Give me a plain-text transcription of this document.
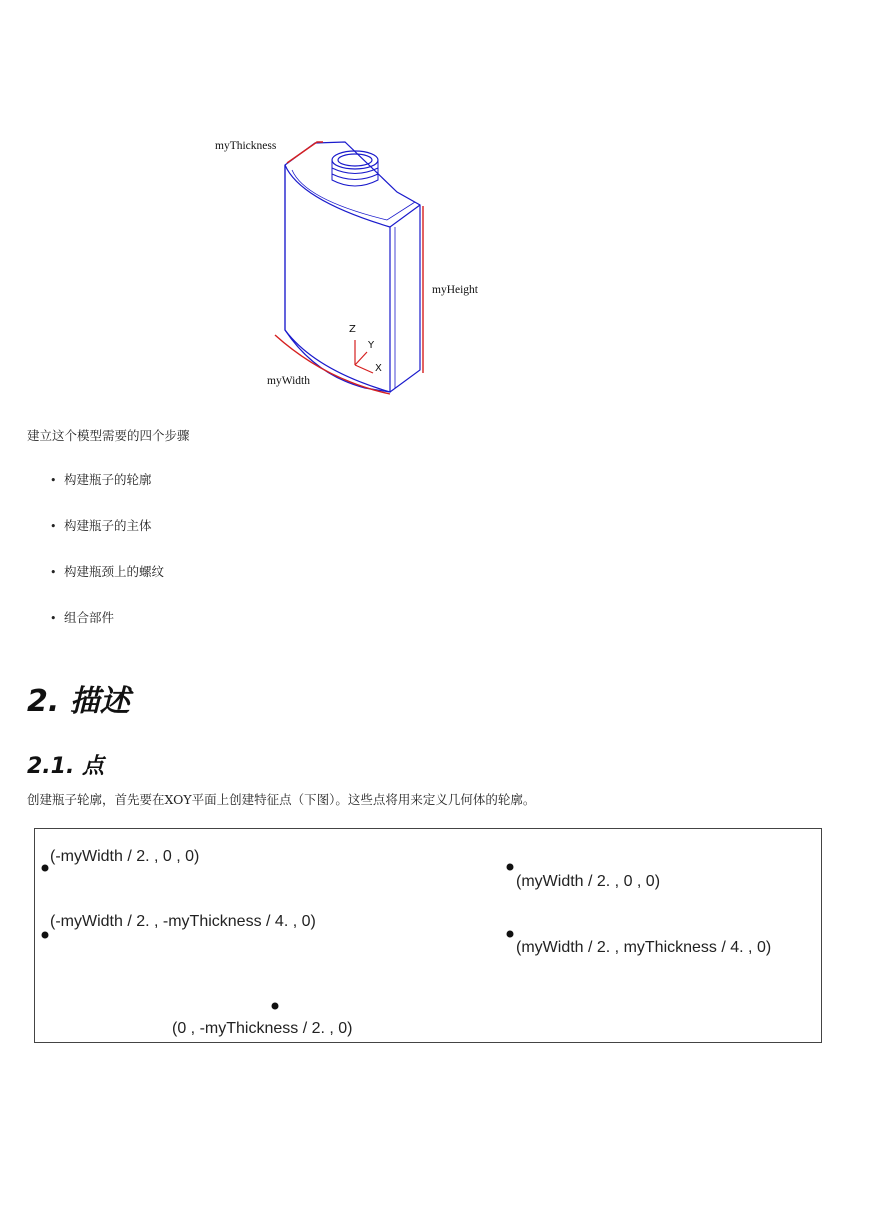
myThickness
myHeight
myWidth
Z
Y
X
建立这个模型需要的四个步骤
• 构建瓶子的轮廓
• 构建瓶子的主体
• 构建瓶颈上的螺纹
• 组合部件
2. 描述
2.1. 点
创建瓶子轮廓，首先要在XOY平面上创建特征点（下图）。这些点将用来定义几何体的轮廓。
(-myWidth / 2. , 0 , 0)
(myWidth / 2. , 0 , 0)
(-myWidth / 2. , -myThickness / 4. , 0)
(myWidth / 2. , myThickness / 4. , 0)
(0 , -myThickness / 2. , 0)
